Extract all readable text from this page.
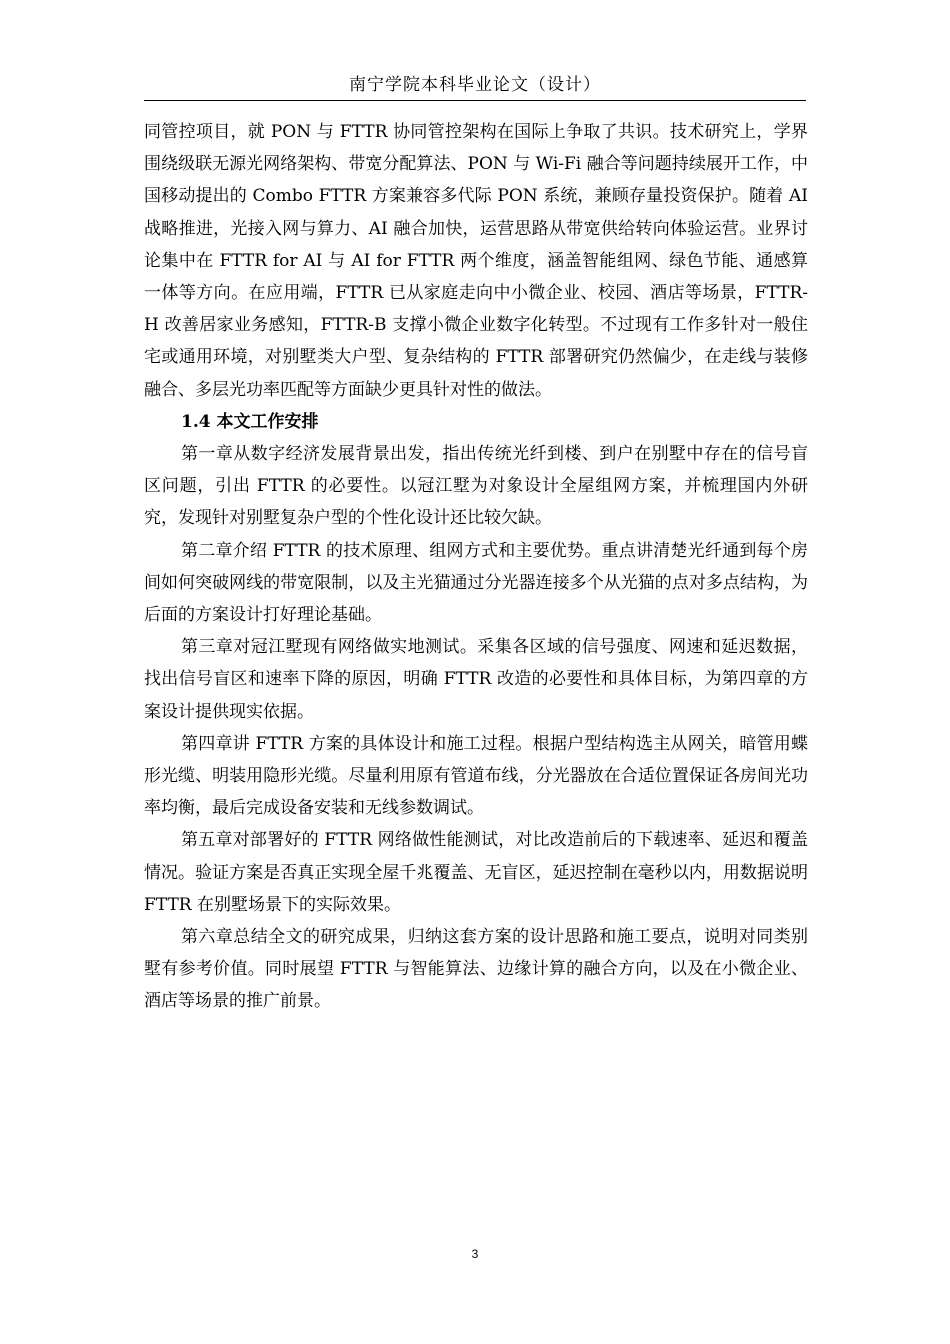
南宁学院本科毕业论文（设计）

同管控项目，就 PON 与 FTTR 协同管控架构在国际上争取了共识。技术研究上，学界围绕级联无源光网络架构、带宽分配算法、PON 与 Wi-Fi 融合等问题持续展开工作，中国移动提出的 Combo FTTR 方案兼容多代际 PON 系统，兼顾存量投资保护。随着 AI 战略推进，光接入网与算力、AI 融合加快，运营思路从带宽供给转向体验运营。业界讨论集中在 FTTR for AI 与 AI for FTTR 两个维度，涵盖智能组网、绿色节能、通感算一体等方向。在应用端，FTTR 已从家庭走向中小微企业、校园、酒店等场景，FTTR-H 改善居家业务感知，FTTR-B 支撑小微企业数字化转型。不过现有工作多针对一般住宅或通用环境，对别墅类大户型、复杂结构的 FTTR 部署研究仍然偏少，在走线与装修融合、多层光功率匹配等方面缺少更具针对性的做法。

1.4 本文工作安排

第一章从数字经济发展背景出发，指出传统光纤到楼、到户在别墅中存在的信号盲区问题，引出 FTTR 的必要性。以冠江墅为对象设计全屋组网方案，并梳理国内外研究，发现针对别墅复杂户型的个性化设计还比较欠缺。

第二章介绍 FTTR 的技术原理、组网方式和主要优势。重点讲清楚光纤通到每个房间如何突破网线的带宽限制，以及主光猫通过分光器连接多个从光猫的点对多点结构，为后面的方案设计打好理论基础。

第三章对冠江墅现有网络做实地测试。采集各区域的信号强度、网速和延迟数据，找出信号盲区和速率下降的原因，明确 FTTR 改造的必要性和具体目标，为第四章的方案设计提供现实依据。

第四章讲 FTTR 方案的具体设计和施工过程。根据户型结构选主从网关，暗管用蝶形光缆、明装用隐形光缆。尽量利用原有管道布线，分光器放在合适位置保证各房间光功率均衡，最后完成设备安装和无线参数调试。

第五章对部署好的 FTTR 网络做性能测试，对比改造前后的下载速率、延迟和覆盖情况。验证方案是否真正实现全屋千兆覆盖、无盲区，延迟控制在毫秒以内，用数据说明 FTTR 在别墅场景下的实际效果。

第六章总结全文的研究成果，归纳这套方案的设计思路和施工要点，说明对同类别墅有参考价值。同时展望 FTTR 与智能算法、边缘计算的融合方向，以及在小微企业、酒店等场景的推广前景。

3
